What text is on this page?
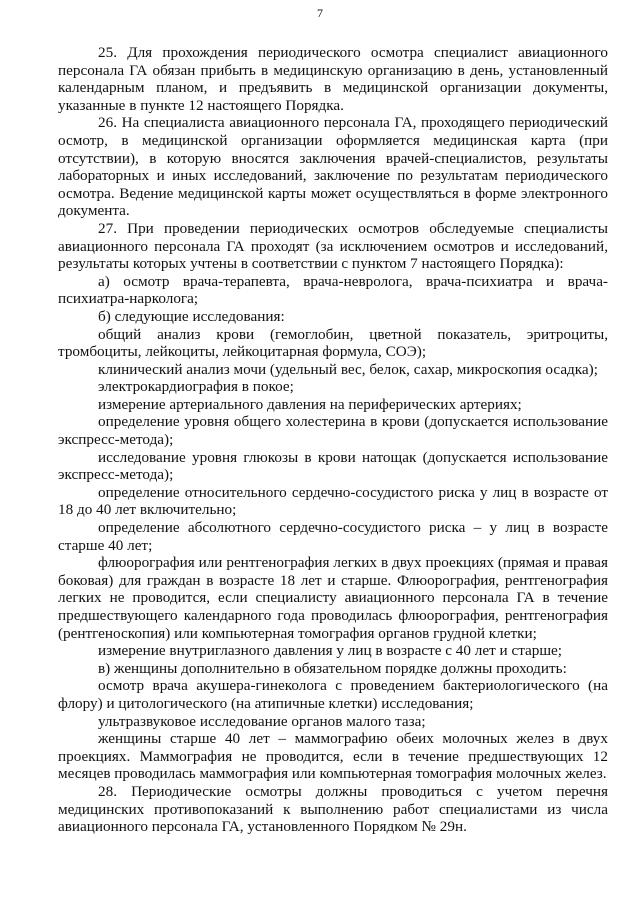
7

25. Для прохождения периодического осмотра специалист авиационного персонала ГА обязан прибыть в медицинскую организацию в день, установленный календарным планом, и предъявить в медицинской организации документы, указанные в пункте 12 настоящего Порядка.

26. На специалиста авиационного персонала ГА, проходящего периодический осмотр, в медицинской организации оформляется медицинская карта (при отсутствии), в которую вносятся заключения врачей-специалистов, результаты лабораторных и иных исследований, заключение по результатам периодического осмотра. Ведение медицинской карты может осуществляться в форме электронного документа.

27. При проведении периодических осмотров обследуемые специалисты авиационного персонала ГА проходят (за исключением осмотров и исследований, результаты которых учтены в соответствии с пунктом 7 настоящего Порядка):

а) осмотр врача-терапевта, врача-невролога, врача-психиатра и врача-психиатра-нарколога;

б) следующие исследования:

общий анализ крови (гемоглобин, цветной показатель, эритроциты, тромбоциты, лейкоциты, лейкоцитарная формула, СОЭ);

клинический анализ мочи (удельный вес, белок, сахар, микроскопия осадка);

электрокардиография в покое;

измерение артериального давления на периферических артериях;

определение уровня общего холестерина в крови (допускается использование экспресс-метода);

исследование уровня глюкозы в крови натощак (допускается использование экспресс-метода);

определение относительного сердечно-сосудистого риска у лиц в возрасте от 18 до 40 лет включительно;

определение абсолютного сердечно-сосудистого риска – у лиц в возрасте старше 40 лет;

флюорография или рентгенография легких в двух проекциях (прямая и правая боковая) для граждан в возрасте 18 лет и старше. Флюорография, рентгенография легких не проводится, если специалисту авиационного персонала ГА в течение предшествующего календарного года проводилась флюорография, рентгенография (рентгеноскопия) или компьютерная томография органов грудной клетки;

измерение внутриглазного давления у лиц в возрасте с 40 лет и старше;

в) женщины дополнительно в обязательном порядке должны проходить:

осмотр врача акушера-гинеколога с проведением бактериологического (на флору) и цитологического (на атипичные клетки) исследования;

ультразвуковое исследование органов малого таза;

женщины старше 40 лет – маммографию обеих молочных желез в двух проекциях. Маммография не проводится, если в течение предшествующих 12 месяцев проводилась маммография или компьютерная томография молочных желез.

28. Периодические осмотры должны проводиться с учетом перечня медицинских противопоказаний к выполнению работ специалистами из числа авиационного персонала ГА, установленного Порядком № 29н.
